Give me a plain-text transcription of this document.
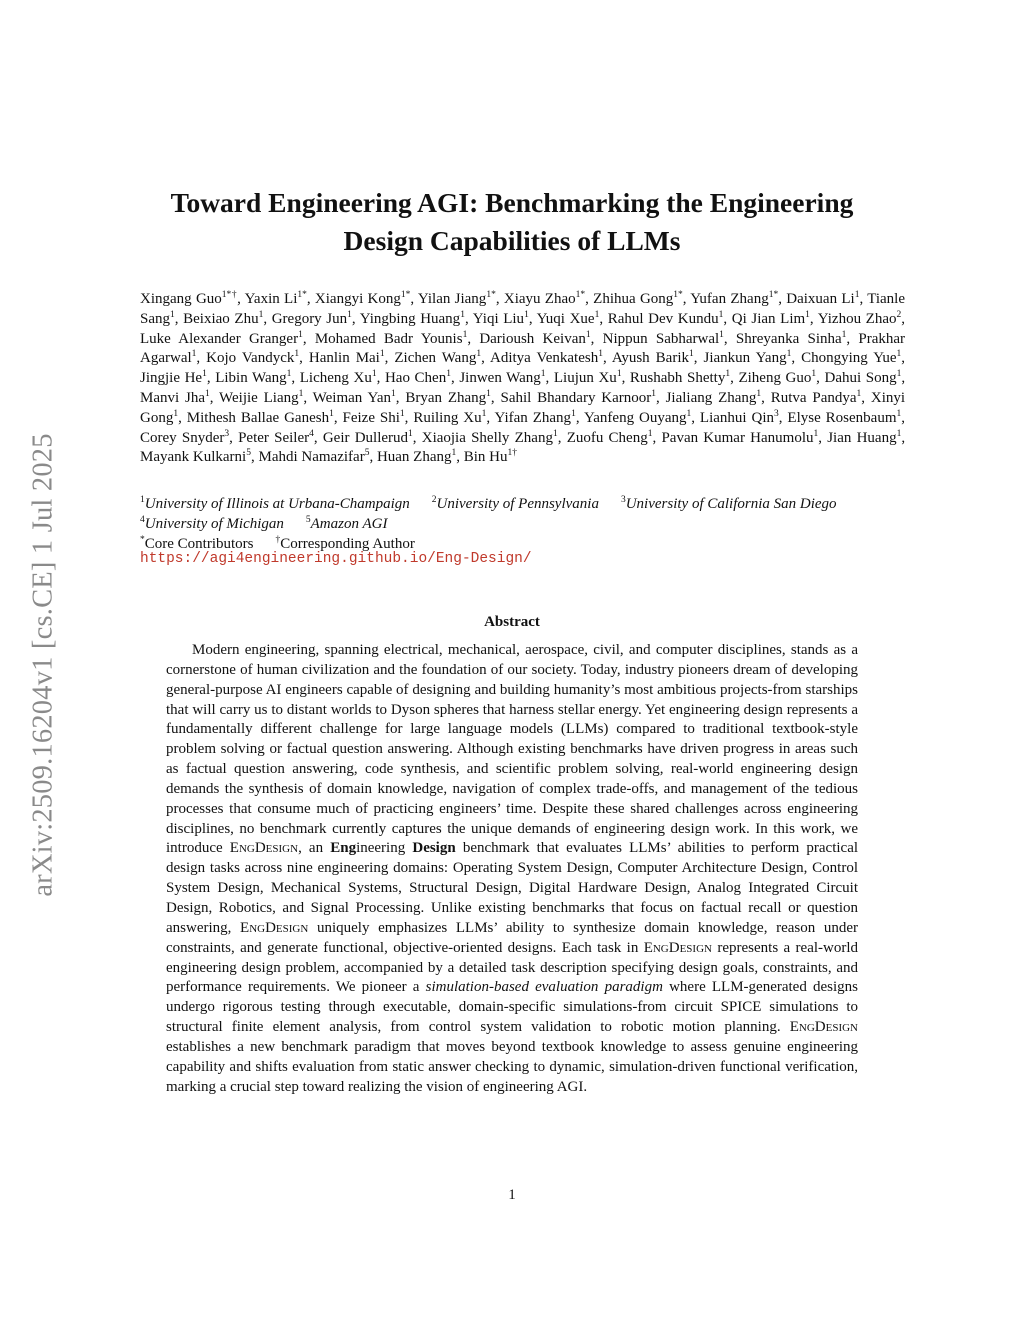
arXiv:2509.16204v1 [cs.CE] 1 Jul 2025
Toward Engineering AGI: Benchmarking the Engineering
Design Capabilities of LLMs

Xingang Guo$^{1*\dagger}$, Yaxin $Li^{1*}$, Xiangyi Kong$^{1*}$, Yilan Jiang$^{1*}$, Xiayu Zhao$^{1*}$, Zhihua Gong$^{1*}$, Yufan Zhang$^{1*}$, Daixuan Li$^1$, Tianle Sang$^1$, Beixiao Zhu$^1$, Gregory Jun$^1$, Yingbing Huang$^1$, Yiqi Liu$^1$, Yuqi Xue$^1$, Rahul Dev Kundu$^1$, Qi Jian Lim$^1$, Yizhou Zhao$^2$, Luke Alexander Granger$^1$, Mohamed Badr Younis$^1$, Darioush Keivan$^1$, Nippun Sabharwal$^1$, Shreyanka Sinha$^1$, Prakhar Agarwal$^1$, Kojo Vandyck$^1$, Hanlin Mai$^1$, Zichen Wang$^1$, Aditya Venkatesh$^1$, Ayush Barik$^1$, Jiankun Yang$^1$, Chongying Yue$^1$, Jingjie He$^1$, Libin Wang$^1$, Licheng Xu$^1$, Hao Chen$^1$, Jinwen Wang$^1$, Liujun Xu$^1$, Rushabh Shetty$^1$, Ziheng Guo$^1$, Dahui Song$^1$, Manvi Jha$^1$, Weijie Liang$^1$, Weiman Yan$^1$, Bryan Zhang$^1$, Sahil Bhandary Karnoor$^1$, Jialiang Zhang$^1$, Rutva Pandya$^1$, Xinyi Gong$^1$, Mithesh Ballae Ganesh$^1$, Feize Shi$^1$, Ruiling Xu$^1$, Yifan Zhang$^1$, Yanfeng Ouyang$^1$, Lianhui Qin$^3$, Elyse Rosenbaum$^1$, Corey Snyder$^3$, Peter Seiler$^4$, Geir Dullerud$^1$, Xiaojia Shelly Zhang$^1$, Zuofu Cheng$^1$, Pavan Kumar Hanumolu$^1$, Jian Huang$^1$, Mayank Kulkarni$^5$, Mahdi Namazifar$^5$, Huan Zhang$^1$, Bin $Hu^{1\dagger}$

$^1$University of Illinois at Urbana-Champaign $^2$University of Pennsylvania $^3$University of California San Diego
$^4$University of Michigan $^5$Amazon AGI
*Core Contributors †Corresponding Author
https://agi4engineering.github.io/Eng-Design/
Abstract

Modern engineering, spanning electrical, mechanical, aerospace, civil, and computer disciplines, stands as a cornerstone of human civilization and the foundation of our society. Today, industry pioneers dream of developing general-purpose AI engineers capable of designing and building humanity’s most ambitious projects-from starships that will carry us to distant worlds to Dyson spheres that harness stellar energy. Yet engineering design represents a fundamentally different challenge for large language models (LLMs) compared to traditional textbook-style problem solving or factual question answering. Although existing benchmarks have driven progress in areas such as factual question answering, code synthesis, and scientific problem solving, real-world engineering design demands the synthesis of domain knowledge, navigation of complex trade-offs, and management of the tedious processes that consume much of practicing engineers’ time. Despite these shared challenges across engineering disciplines, no benchmark currently captures the unique demands of engineering design work. In this work, we introduce EngDesign, an Engineering Design benchmark that evaluates LLMs’ abilities to perform practical design tasks across nine engineering domains: Operating System Design, Computer Architecture Design, Control System Design, Mechanical Systems, Structural Design, Digital Hardware Design, Analog Integrated Circuit Design, Robotics, and Signal Processing. Unlike existing benchmarks that focus on factual recall or question answering, EngDesign uniquely emphasizes LLMs’ ability to synthesize domain knowledge, reason under constraints, and generate functional, objective-oriented designs. Each task in EngDesign represents a real-world engineering design problem, accompanied by a detailed task description specifying design goals, constraints, and performance requirements. We pioneer a simulation-based evaluation paradigm where LLM-generated designs undergo rigorous testing through executable, domain-specific simulations-from circuit SPICE simulations to structural finite element analysis, from control system validation to robotic motion planning. EngDesign establishes a new benchmark paradigm that moves beyond textbook knowledge to assess genuine engineering capability and shifts evaluation from static answer checking to dynamic, simulation-driven functional verification, marking a crucial step toward realizing the vision of engineering AGI.

1
